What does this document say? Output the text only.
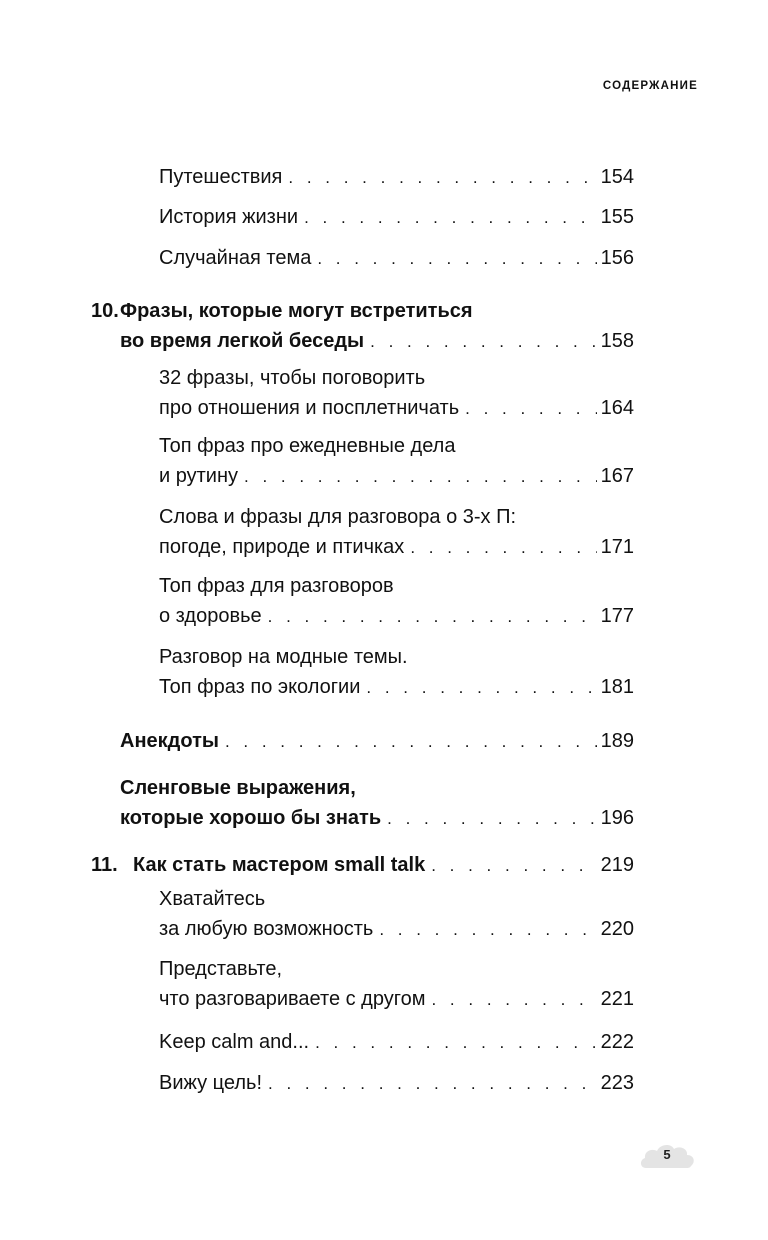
СОДЕРЖАНИЕ
Путешествия . . .	154
История жизни . . .	155
Случайная тема . . .	156
10. Фразы, которые могут встретиться
во время легкой беседы . . .	158
32 фразы, чтобы поговорить
про отношения и посплетничать . . .	164
Топ фраз про ежедневные дела
и рутину . . .	167
Слова и фразы для разговора о 3-х П:
погоде, природе и птичках . . .	171
Топ фраз для разговоров
о здоровье . . .	177
Разговор на модные темы.
Топ фраз по экологии . . .	181
Анекдоты . . .	189
Сленговые выражения,
которые хорошо бы знать . . .	196
11. Как стать мастером small talk . . .	219
Хватайтесь
за любую возможность . . .	220
Представьте,
что разговариваете с другом . . .	221
Keep calm and... . . .	222
Вижу цель! . . .	223
5
